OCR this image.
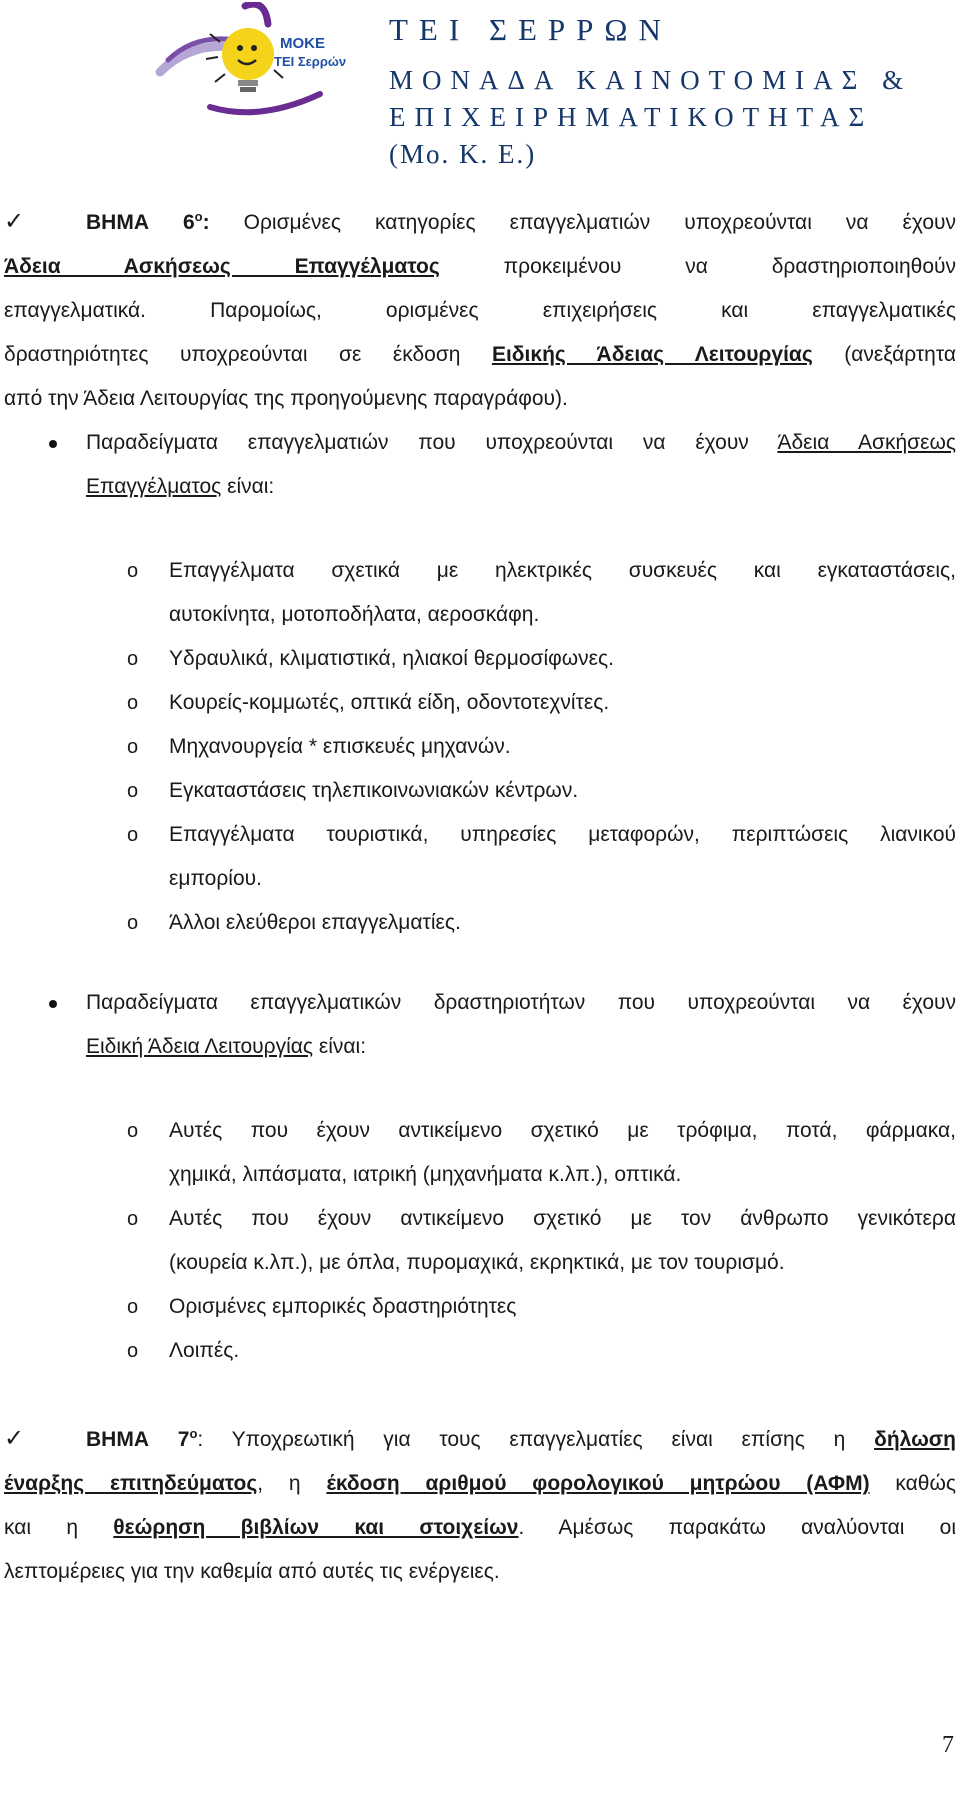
ΜΟΚΕ
ΤΕΙ Σερρών
ΤΕΙ ΣΕΡΡΩΝ
ΜΟΝΑΔΑ ΚΑΙΝΟΤΟΜΙΑΣ &
ΕΠΙΧΕΙΡΗΜΑΤΙΚΟΤΗΤΑΣ
(Μο. Κ. Ε.)
✓	ΒΗΜΑ $6^o$: Ορισμένες κατηγορίες επαγγελματιών υποχρεούνται να έχουν
Άδεια Ασκήσεως Επαγγέλματος προκειμένου να δραστηριοποιηθούν
επαγγελματικά. Παρομοίως, ορισμένες επιχειρήσεις και επαγγελματικές
δραστηριότητες υποχρεούνται σε έκδοση Ειδικής Άδειας Λειτουργίας (ανεξάρτητα
από την Άδεια Λειτουργίας της προηγούμενης παραγράφου).
Παραδείγματα επαγγελματιών που υποχρεούνται να έχουν Άδεια Ασκήσεως
Επαγγέλματος είναι:
o Επαγγέλματα σχετικά με ηλεκτρικές συσκευές και εγκαταστάσεις,
αυτοκίνητα, μοτοποδήλατα, αεροσκάφη.
o Υδραυλικά, κλιματιστικά, ηλιακοί θερμοσίφωνες.
o Κουρείς-κομμωτές, οπτικά είδη, οδοντοτεχνίτες.
o Μηχανουργεία * επισκευές μηχανών.
o Εγκαταστάσεις τηλεπικοινωνιακών κέντρων.
o Επαγγέλματα τουριστικά, υπηρεσίες μεταφορών, περιπτώσεις λιανικού
εμπορίου.
o Άλλοι ελεύθεροι επαγγελματίες.
Παραδείγματα επαγγελματικών δραστηριοτήτων που υποχρεούνται να έχουν
Ειδική Άδεια Λειτουργίας είναι:
o Αυτές που έχουν αντικείμενο σχετικό με τρόφιμα, ποτά, φάρμακα,
χημικά, λιπάσματα, ιατρική (μηχανήματα κ.λπ.), οπτικά.
o Αυτές που έχουν αντικείμενο σχετικό με τον άνθρωπο γενικότερα
(κουρεία κ.λπ.), με όπλα, πυρομαχικά, εκρηκτικά, με τον τουρισμό.
o Ορισμένες εμπορικές δραστηριότητες
o Λοιπές.
✓	ΒΗΜΑ $7^o$: Υποχρεωτική για τους επαγγελματίες είναι επίσης η δήλωση
έναρξης επιτηδεύματος, η έκδοση αριθμού φορολογικού μητρώου (ΑΦΜ) καθώς
και η θεώρηση βιβλίων και στοιχείων. Αμέσως παρακάτω αναλύονται οι
λεπτομέρειες για την καθεμία από αυτές τις ενέργειες.
7
